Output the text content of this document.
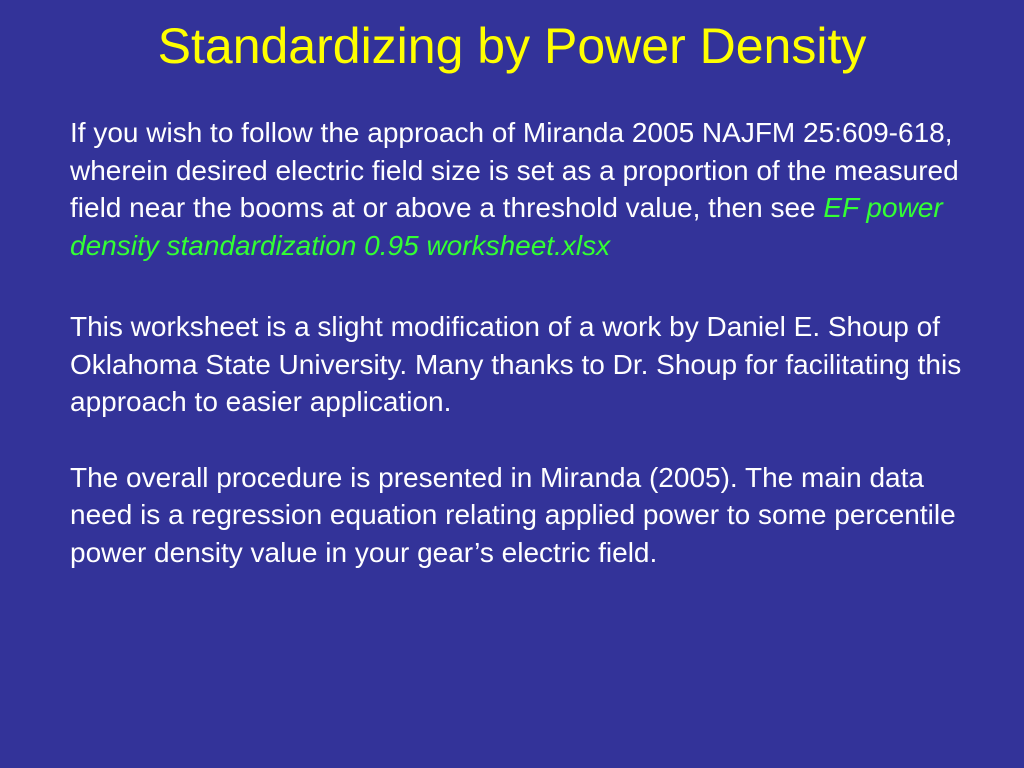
Standardizing by Power Density

If you wish to follow the approach of Miranda 2005 NAJFM 25:609-618, wherein desired electric field size is set as a proportion of the measured field near the booms at or above a threshold value, then see EF power density standardization 0.95 worksheet.xlsx

This worksheet is a slight modification of a work by Daniel E. Shoup of Oklahoma State University. Many thanks to Dr. Shoup for facilitating this approach to easier application.

The overall procedure is presented in Miranda (2005). The main data need is a regression equation relating applied power to some percentile power density value in your gear’s electric field.
